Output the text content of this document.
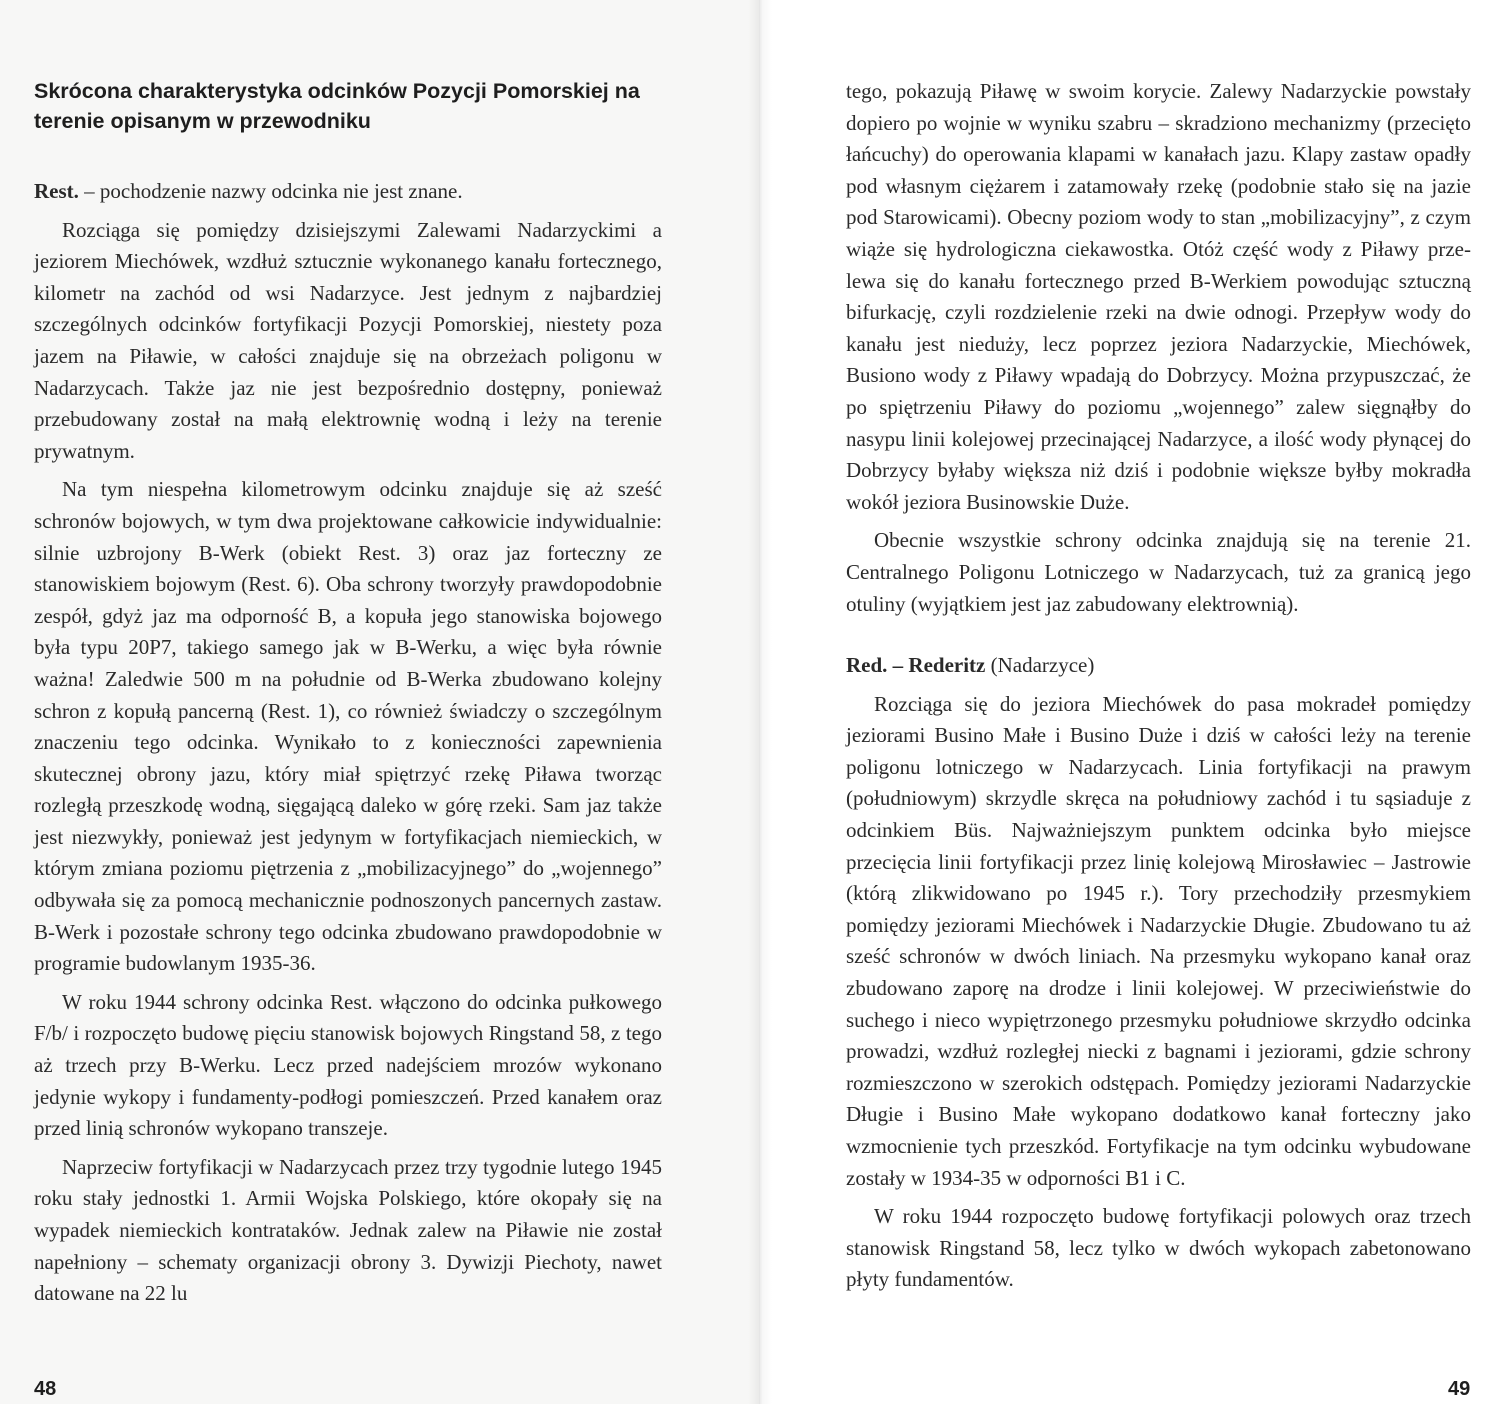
Skrócona charakterystyka odcinków Pozycji Pomorskiej na terenie opisanym w przewodniku

Rest. – pochodzenie nazwy odcinka nie jest znane.

Rozciąga się pomiędzy dzisiejszymi Zalewami Nadarzyckimi a jeziorem Miechówek, wzdłuż sztucznie wykonanego kanału fortecznego, kilometr na zachód od wsi Nadarzyce. Jest jednym z najbardziej szczególnych odcinków fortyfikacji Pozycji Pomorskiej, niestety poza jazem na Piławie, w całości znajduje się na obrzeżach poligonu w Nadarzycach. Także jaz nie jest bezpośrednio dostępny, ponieważ przebudowany został na małą elektrownię wodną i leży na terenie prywatnym.

Na tym niespełna kilometrowym odcinku znajduje się aż sześć schronów bojowych, w tym dwa projektowane całkowicie indywidualnie: silnie uzbrojony B-Werk (obiekt Rest. 3) oraz jaz forteczny ze stanowiskiem bojowym (Rest. 6). Oba schrony tworzyły prawdopodobnie zespół, gdyż jaz ma odporność B, a kopuła jego stanowiska bojowego była typu 20P7, takiego samego jak w B-Werku, a więc była równie ważna! Zaledwie 500 m na południe od B-Werka zbudowano kolejny schron z kopułą pancerną (Rest. 1), co również świadczy o szczególnym znaczeniu tego odcinka. Wynikało to z konieczności zapewnienia skutecznej obrony jazu, który miał spiętrzyć rzekę Piława tworząc rozległą przeszkodę wodną, sięgającą daleko w górę rzeki. Sam jaz także jest niezwykły, ponieważ jest jedynym w fortyfikacjach niemieckich, w którym zmiana poziomu piętrzenia z „mobilizacyjnego” do „wojennego” odbywała się za pomocą mechanicznie podnoszonych pancernych zastaw. B-Werk i pozostałe schrony tego odcinka zbudowano prawdopodobnie w programie budowlanym 1935-36.

W roku 1944 schrony odcinka Rest. włączono do odcinka pułkowego F/b/ i rozpoczęto budowę pięciu stanowisk bojowych Ringstand 58, z tego aż trzech przy B-Werku. Lecz przed nadejściem mrozów wykonano jedynie wykopy i fundamenty-podłogi pomieszczeń. Przed kanałem oraz przed linią schronów wykopano transzeje.

Naprzeciw fortyfikacji w Nadarzycach przez trzy tygodnie lutego 1945 roku stały jednostki 1. Armii Wojska Polskiego, które okopały się na wypadek niemieckich kontrataków. Jednak zalew na Piławie nie został napełniony – schematy organizacji obrony 3. Dywizji Piechoty, nawet datowane na 22 lu

48

tego, pokazują Piławę w swoim korycie. Zalewy Nadarzyckie powstały dopiero po wojnie w wyniku szabru – skradziono mechanizmy (przecięto łańcuchy) do operowania klapami w kanałach jazu. Klapy zastaw opadły pod własnym ciężarem i zatamowały rzekę (podobnie stało się na jazie pod Starowicami). Obecny poziom wody to stan „mobilizacyjny”, z czym wiąże się hydrologiczna ciekawostka. Otóż część wody z Piławy przelewa się do kanału fortecznego przed B-Werkiem powodując sztuczną bifurkację, czyli rozdzielenie rzeki na dwie odnogi. Przepływ wody do kanału jest nieduży, lecz poprzez jeziora Nadarzyckie, Miechówek, Busiono wody z Piławy wpadają do Dobrzycy. Można przypuszczać, że po spiętrzeniu Piławy do poziomu „wojennego” zalew sięgnąłby do nasypu linii kolejowej przecinającej Nadarzyce, a ilość wody płynącej do Dobrzycy byłaby większa niż dziś i podobnie większe byłby mokradła wokół jeziora Businowskie Duże.

Obecnie wszystkie schrony odcinka znajdują się na terenie 21. Centralnego Poligonu Lotniczego w Nadarzycach, tuż za granicą jego otuliny (wyjątkiem jest jaz zabudowany elektrownią).

Red. – Rederitz (Nadarzyce)

Rozciąga się do jeziora Miechówek do pasa mokradeł pomiędzy jeziorami Busino Małe i Busino Duże i dziś w całości leży na terenie poligonu lotniczego w Nadarzycach. Linia fortyfikacji na prawym (południowym) skrzydle skręca na południowy zachód i tu sąsiaduje z odcinkiem Büs. Najważniejszym punktem odcinka było miejsce przecięcia linii fortyfikacji przez linię kolejową Mirosławiec – Jastrowie (którą zlikwidowano po 1945 r.). Tory przechodziły przesmykiem pomiędzy jeziorami Miechówek i Nadarzyckie Długie. Zbudowano tu aż sześć schronów w dwóch liniach. Na przesmyku wykopano kanał oraz zbudowano zaporę na drodze i linii kolejowej. W przeciwieństwie do suchego i nieco wypiętrzonego przesmyku południowe skrzydło odcinka prowadzi, wzdłuż rozległej niecki z bagnami i jeziorami, gdzie schrony rozmieszczono w szerokich odstępach. Pomiędzy jeziorami Nadarzyckie Długie i Busino Małe wykopano dodatkowo kanał forteczny jako wzmocnienie tych przeszkód. Fortyfikacje na tym odcinku wybudowane zostały w 1934-35 w odporności B1 i C.

W roku 1944 rozpoczęto budowę fortyfikacji polowych oraz trzech stanowisk Ringstand 58, lecz tylko w dwóch wykopach zabetonowano płyty fundamentów.

49
